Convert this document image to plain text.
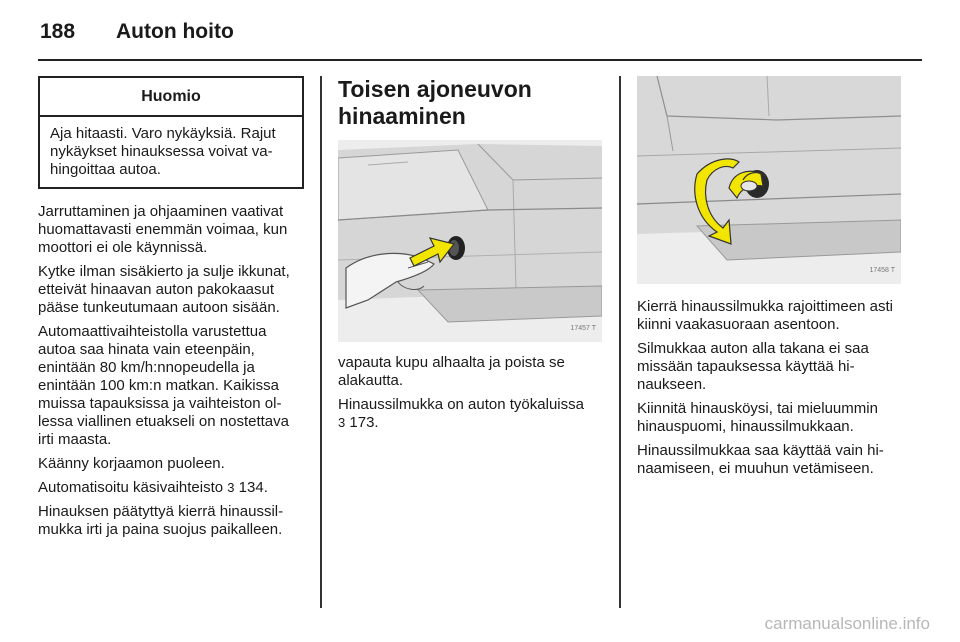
188 Auton hoito
Huomio
Aja hitaasti. Varo nykäyksiä. Rajut nykäykset hinauksessa voivat vahingoittaa autoa.

Jarruttaminen ja ohjaaminen vaativat huomattavasti enemmän voimaa, kun moottori ei ole käynnissä.

Kytke ilman sisäkierto ja sulje ikkunat, etteivät hinaavan auton pakokaasut pääse tunkeutumaan autoon sisään.

Automaattivaihteistolla varustettua autoa saa hinata vain eteenpäin, enintään 80 km/h:nnopeudella ja enintään 100 km:n matkan. Kaikissa muissa tapauksissa ja vaihteiston ollessa viallinen etuakseli on nostettava irti maasta.

Käänny korjaamon puoleen.

Automatisoitu käsivaihteisto 3 134.

Hinauksen päätyttyä kierrä hinaussilmukka irti ja paina suojus paikalleen.

Toisen ajoneuvon hinaaminen
17457 T

vapauta kupu alhaalta ja poista se alakautta.

Hinaussilmukka on auton työkaluissa
3 173.

17458 T

Kierrä hinaussilmukka rajoittimeen asti kiinni vaakasuoraan asentoon.

Silmukkaa auton alla takana ei saa missään tapauksessa käyttää hinaukseen.

Kiinnitä hinausköysi, tai mieluummin hinauspuomi, hinaussilmukkaan.

Hinaussilmukkaa saa käyttää vain hinaamiseen, ei muuhun vetämiseen.

carmanualsonline.info
